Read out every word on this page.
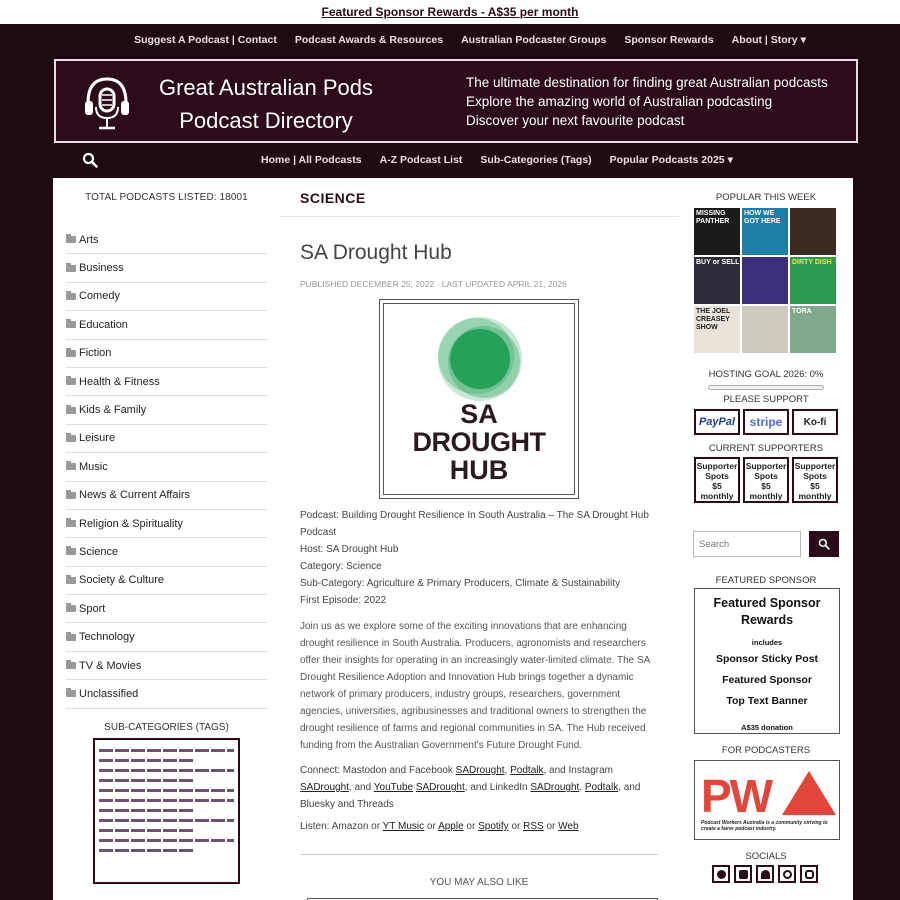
Featured Sponsor Rewards - A$35 per month
Suggest A Podcast | Contact Podcast Awards & Resources Australian Podcaster Groups Sponsor Rewards About | Story ▾
Great Australian Pods
Podcast Directory
The ultimate destination for finding great Australian podcasts
Explore the amazing world of Australian podcasting
Discover your next favourite podcast
Home | All Podcasts A-Z Podcast List Sub-Categories (Tags) Popular Podcasts 2025 ▾
TOTAL PODCASTS LISTED: 18001
Arts
Business
Comedy
Education
Fiction
Health & Fitness
Kids & Family
Leisure
Music
News & Current Affairs
Religion & Spirituality
Science
Society & Culture
Sport
Technology
TV & Movies
Unclassified
SUB-CATEGORIES (TAGS)
SCIENCE
SA Drought Hub
PUBLISHED DECEMBER 25, 2022 · LAST UPDATED APRIL 21, 2026
SA
DROUGHT
HUB
Podcast: Building Drought Resilience In South Australia – The SA Drought Hub Podcast
Host: SA Drought Hub
Category: Science
Sub-Category: Agriculture & Primary Producers, Climate & Sustainability
First Episode: 2022

Join us as we explore some of the exciting innovations that are enhancing drought resilience in South Australia. Producers, agronomists and researchers offer their insights for operating in an increasingly water-limited climate. The SA Drought Resilience Adoption and Innovation Hub brings together a dynamic network of primary producers, industry groups, researchers, government agencies, universities, agribusinesses and traditional owners to strengthen the drought resilience of farms and regional communities in SA. The Hub received funding from the Australian Government's Future Drought Fund.

Connect: Mastodon and Facebook SADrought, Podtalk, and Instagram SADrought, and YouTube SADrought, and LinkedIn SADrought, Podtalk, and Bluesky and Threads

Listen: Amazon or YT Music or Apple or Spotify or RSS or Web

YOU MAY ALSO LIKE
POPULAR THIS WEEK
MISSING PANTHER
HOW WE GOT HERE
BUY or SELL	DIRTY DISH
THE JOEL CREASEY SHOW
TORA
HOSTING GOAL 2026: 0%
PLEASE SUPPORT
PayPal	stripe	Ko-fi
CURRENT SUPPORTERS
Supporter
Spots
$5
monthly
Supporter
Spots
$5
monthly
Supporter
Spots
$5
monthly
Search
FEATURED SPONSOR
Featured Sponsor
Rewards
includes
Sponsor Sticky Post
Featured Sponsor
Top Text Banner
A$35 donation
FOR PODCASTERS
PW
Podcast Workers Australia is a community striving to create a fairer podcast industry.
SOCIALS
